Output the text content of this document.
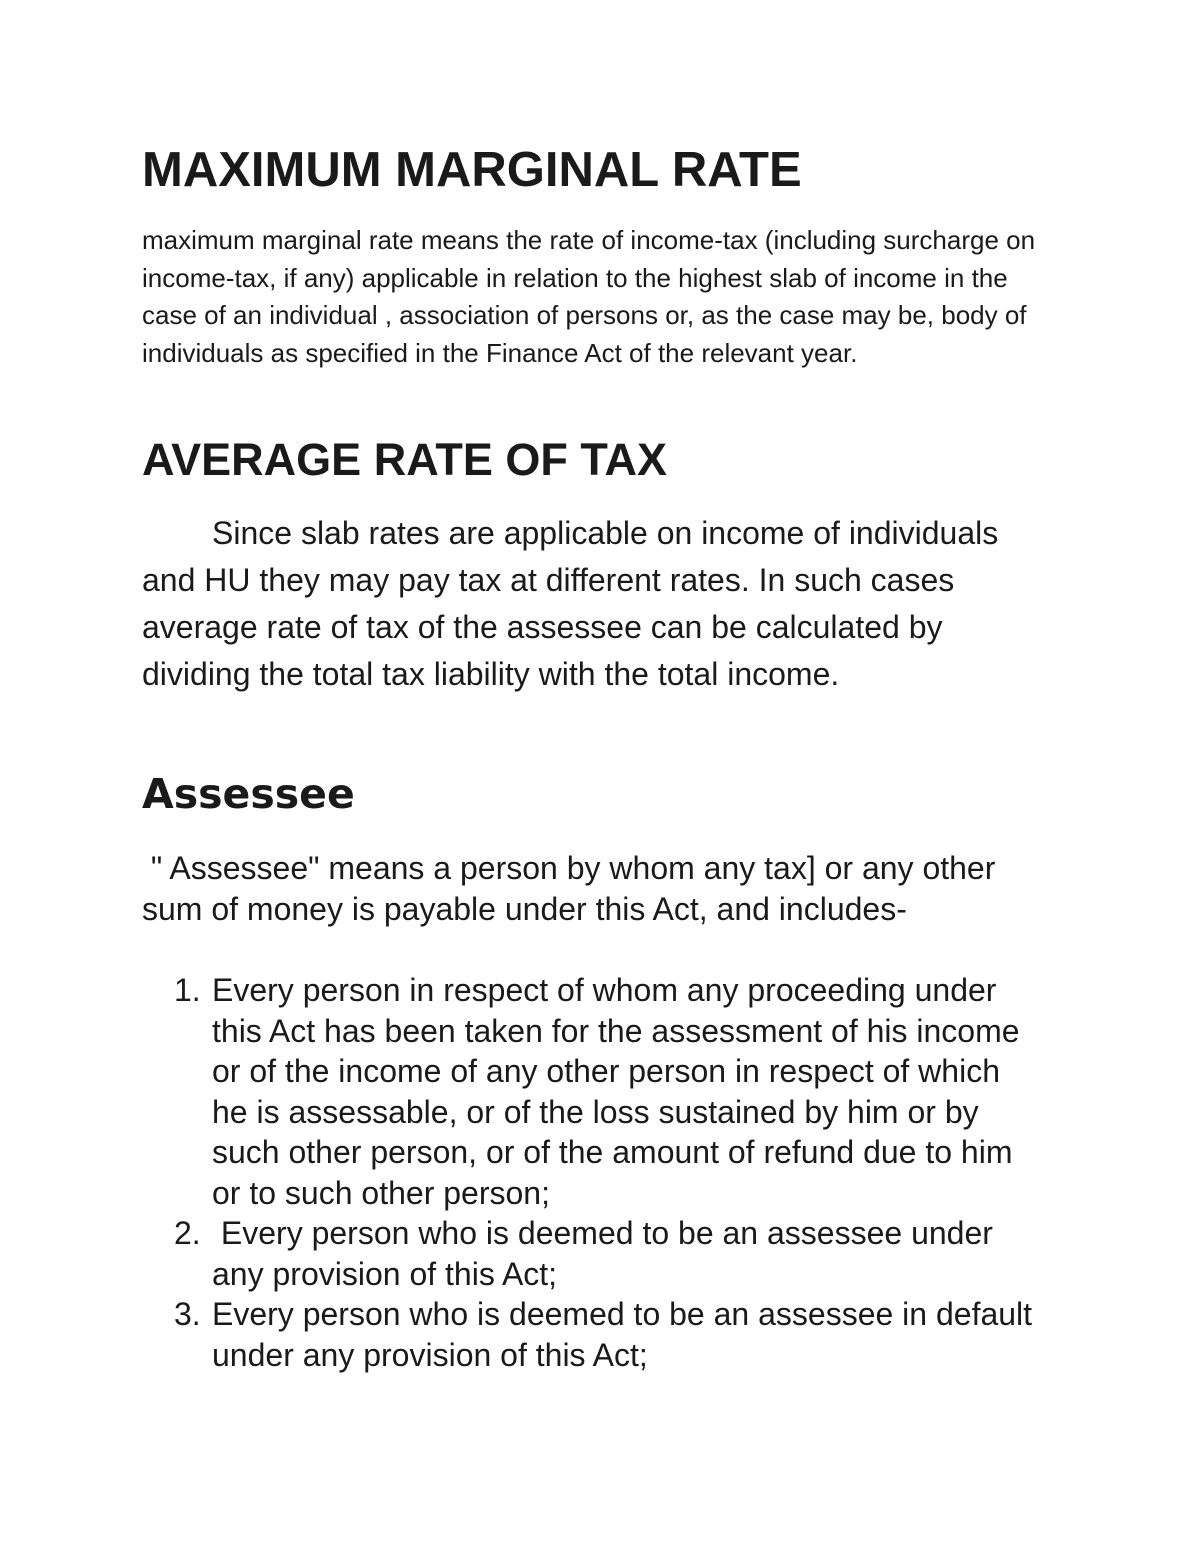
MAXIMUM MARGINAL RATE

maximum marginal rate means the rate of income-tax (including surcharge on income-tax, if any) applicable in relation to the highest slab of income in the case of an individual , association of persons or, as the case may be, body of individuals as specified in the Finance Act of the relevant year.

AVERAGE RATE OF TAX

Since slab rates are applicable on income of individuals and HU they may pay tax at different rates. In such cases average rate of tax of the assessee can be calculated by dividing the total tax liability with the total income.

Assessee

" Assessee" means a person by whom any tax] or any other sum of money is payable under this Act, and includes-

1. Every person in respect of whom any proceeding under this Act has been taken for the assessment of his income or of the income of any other person in respect of which he is assessable, or of the loss sustained by him or by such other person, or of the amount of refund due to him or to such other person;
2. Every person who is deemed to be an assessee under any provision of this Act;
3. Every person who is deemed to be an assessee in default under any provision of this Act;
